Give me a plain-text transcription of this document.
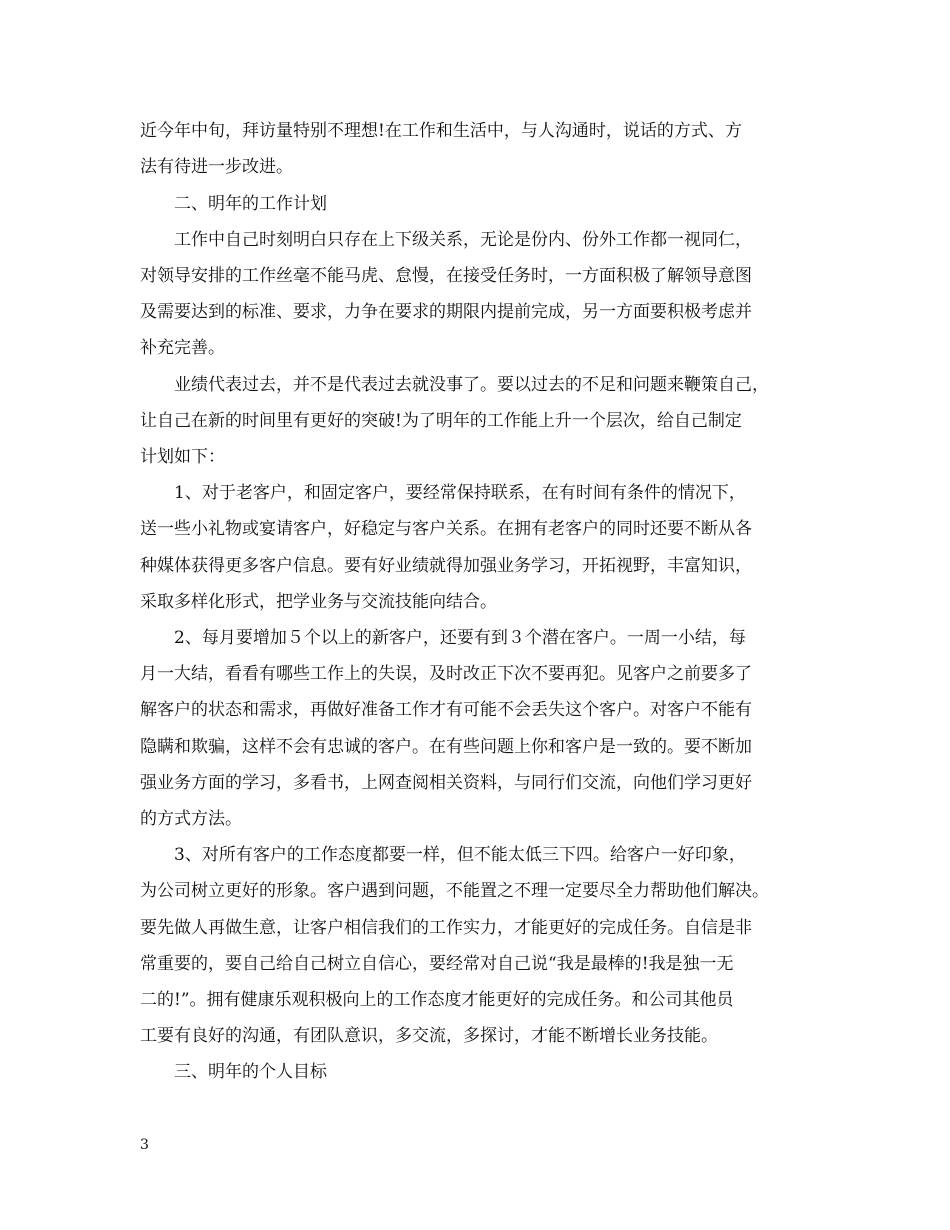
近今年中旬，拜访量特别不理想!在工作和生活中，与人沟通时，说话的方式、方
法有待进一步改进。
二、明年的工作计划
工作中自己时刻明白只存在上下级关系，无论是份内、份外工作都一视同仁，
对领导安排的工作丝毫不能马虎、怠慢，在接受任务时，一方面积极了解领导意图
及需要达到的标准、要求，力争在要求的期限内提前完成，另一方面要积极考虑并
补充完善。
业绩代表过去，并不是代表过去就没事了。要以过去的不足和问题来鞭策自己，
让自己在新的时间里有更好的突破!为了明年的工作能上升一个层次，给自己制定
计划如下：
1、对于老客户，和固定客户，要经常保持联系，在有时间有条件的情况下，
送一些小礼物或宴请客户，好稳定与客户关系。在拥有老客户的同时还要不断从各
种媒体获得更多客户信息。要有好业绩就得加强业务学习，开拓视野，丰富知识，
采取多样化形式，把学业务与交流技能向结合。
2、每月要增加５个以上的新客户，还要有到３个潜在客户。一周一小结，每
月一大结，看看有哪些工作上的失误，及时改正下次不要再犯。见客户之前要多了
解客户的状态和需求，再做好准备工作才有可能不会丢失这个客户。对客户不能有
隐瞒和欺骗，这样不会有忠诚的客户。在有些问题上你和客户是一致的。要不断加
强业务方面的学习，多看书，上网查阅相关资料，与同行们交流，向他们学习更好
的方式方法。
3、对所有客户的工作态度都要一样，但不能太低三下四。给客户一好印象，
为公司树立更好的形象。客户遇到问题，不能置之不理一定要尽全力帮助他们解决。
要先做人再做生意，让客户相信我们的工作实力，才能更好的完成任务。自信是非
常重要的，要自己给自己树立自信心，要经常对自己说“我是最棒的!我是独一无
二的!”。拥有健康乐观积极向上的工作态度才能更好的完成任务。和公司其他员
工要有良好的沟通，有团队意识，多交流，多探讨，才能不断增长业务技能。
三、明年的个人目标
3
